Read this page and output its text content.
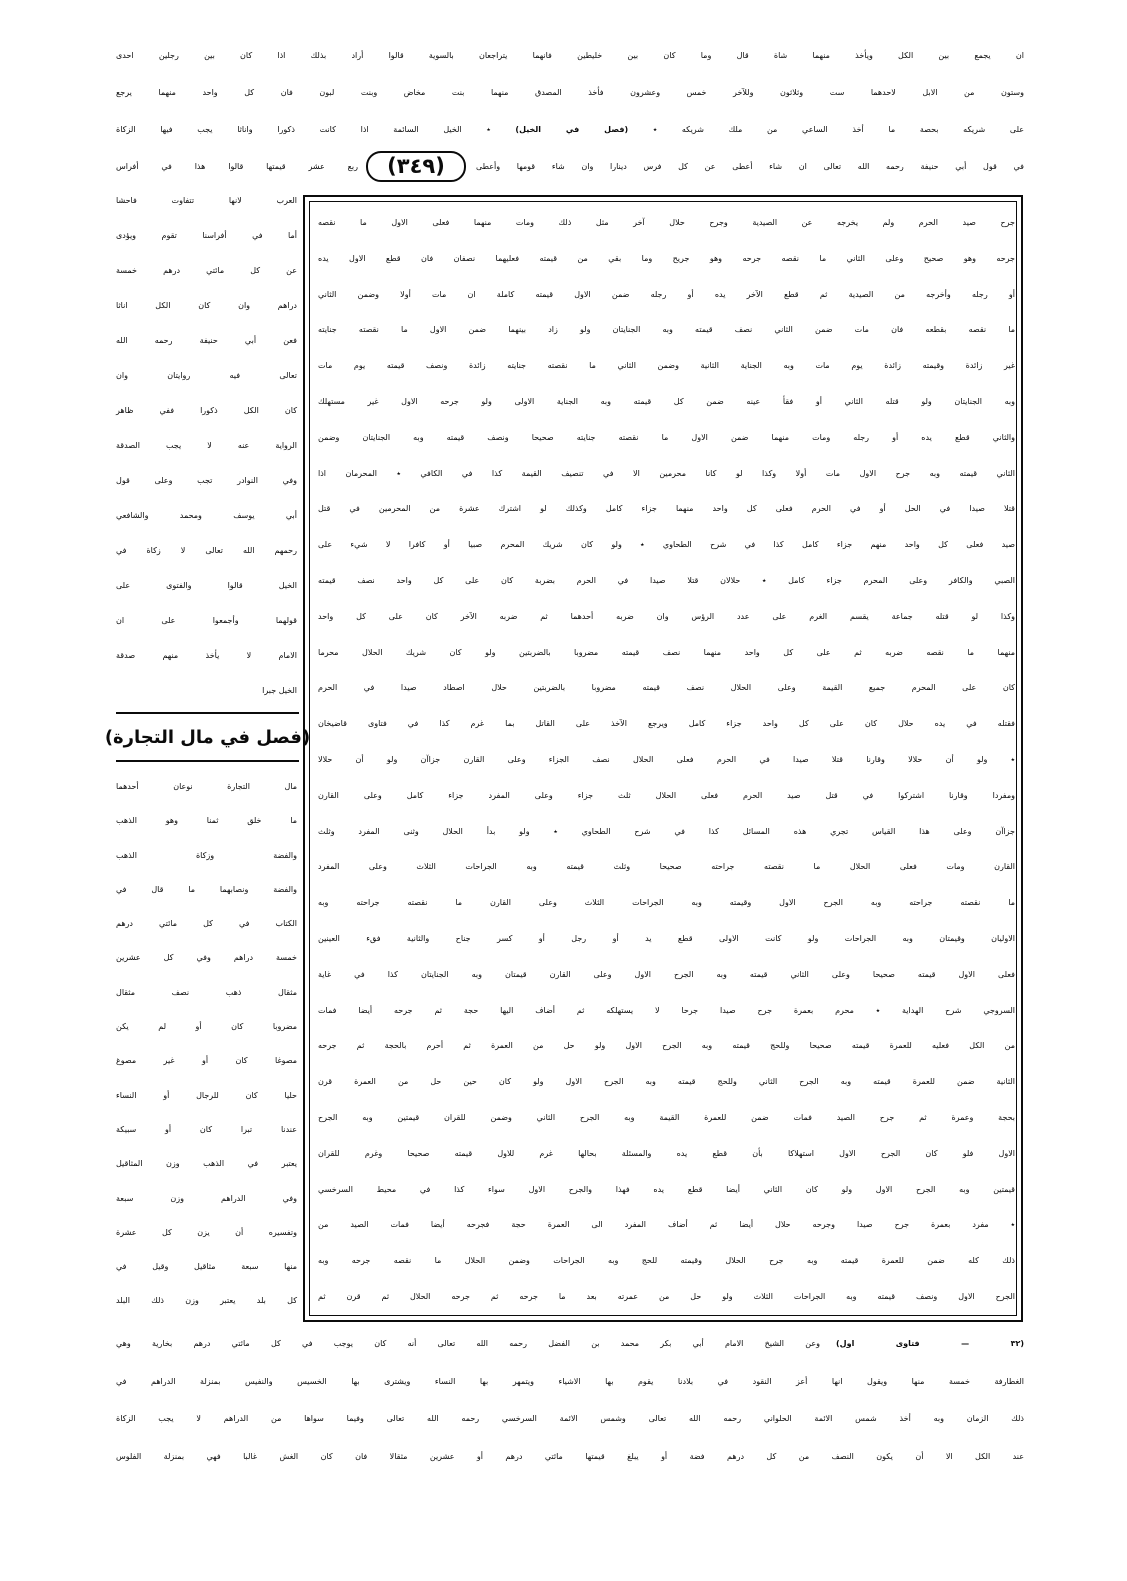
ان يجمع بين الكل ويأخذ منهما شاة قال وما كان بين خليطين فانهما يتراجعان بالسوية قالوا أراد بذلك اذا كان بين رجلين احدى
وستون من الابل لاحدهما ست وثلاثون وللآخر خمس وعشرون فأخذ المصدق منهما بنت مخاض وبنت لبون فان كل واحد منهما يرجع
على شريكه بحصة ما أخذ الساعي من ملك شريكه ٭ (فصل في الخيل) ٭ الخيل السائمة اذا كانت ذكورا واناثا يجب فيها الزكاة
في قول أبي حنيفة رحمه الله تعالى ان شاء أعطى عن كل فرس دينارا وان شاء قومها وأعطى
(٣٤٩)
ربع عشر قيمتها قالوا هذا في أفراس
العرب لانها تتفاوت فاحشا
أما في أفراسنا تقوم ويؤدى
عن كل مائتي درهم خمسة
دراهم وان كان الكل اناثا
فعن أبي حنيفة رحمه الله
تعالى فيه روايتان وان
كان الكل ذكورا ففي ظاهر
الرواية عنه لا يجب الصدقة
وفي النوادر تجب وعلى قول
أبي يوسف ومحمد والشافعي
رحمهم الله تعالى لا زكاة في
الخيل قالوا والفتوى على
قولهما وأجمعوا على ان
الامام لا يأخذ منهم صدقة
الخيل جبرا
(فصل في مال التجارة)
مال التجارة نوعان أحدهما
ما خلق ثمنا وهو الذهب
والفضة وزكاة الذهب
والفضة ونصابهما ما قال في
الكتاب في كل مائتي درهم
خمسة دراهم وفي كل عشرين
مثقال ذهب نصف مثقال
مضروبا كان أو لم يكن
مصوغا كان أو غير مصوغ
حليا كان للرجال أو النساء
عندنا تبرا كان أو سبيكة
يعتبر في الذهب وزن المثاقيل
وفي الدراهم وزن سبعة
وتفسيره أن يزن كل عشرة
منها سبعة مثاقيل وقيل في
كل بلد يعتبر وزن ذلك البلد
جرح صيد الحرم ولم يخرجه عن الصيدية وجرح حلال آخر مثل ذلك ومات منهما فعلى الاول ما نقصه
جرحه وهو صحيح وعلى الثاني ما نقصه جرحه وهو جريح وما بقي من قيمته فعليهما نصفان فان قطع الاول يده
أو رجله وأخرجه من الصيدية ثم قطع الآخر يده أو رجله ضمن الاول قيمته كاملة ان مات أولا وضمن الثاني
ما نقصه بقطعه فان مات ضمن الثاني نصف قيمته وبه الجنايتان ولو زاد بينهما ضمن الاول ما نقصته جنايته
غير زائدة وقيمته زائدة يوم مات وبه الجناية الثانية وضمن الثاني ما نقصته جنايته زائدة ونصف قيمته يوم مات
وبه الجنايتان ولو قتله الثاني أو فقأ عينه ضمن كل قيمته وبه الجناية الاولى ولو جرحه الاول غير مستهلك
والثاني قطع يده أو رجله ومات منهما ضمن الاول ما نقصته جنايته صحيحا ونصف قيمته وبه الجنايتان وضمن
الثاني قيمته وبه جرح الاول مات أولا وكذا لو كانا محرمين الا في تنصيف القيمة كذا في الكافي ٭ المحرمان اذا
قتلا صيدا في الحل أو في الحرم فعلى كل واحد منهما جزاء كامل وكذلك لو اشترك عشرة من المحرمين في قتل
صيد فعلى كل واحد منهم جزاء كامل كذا في شرح الطحاوي ٭ ولو كان شريك المحرم صبيا أو كافرا لا شيء على
الصبي والكافر وعلى المحرم جزاء كامل ٭ حلالان قتلا صيدا في الحرم بضربة كان على كل واحد نصف قيمته
وكذا لو قتله جماعة يقسم الغرم على عدد الرؤس وان ضربه أحدهما ثم ضربه الآخر كان على كل واحد
منهما ما نقصه ضربه ثم على كل واحد منهما نصف قيمته مضروبا بالضربتين ولو كان شريك الحلال محرما
كان على المحرم جميع القيمة وعلى الحلال نصف قيمته مضروبا بالضربتين حلال اصطاد صيدا في الحرم
فقتله في يده حلال كان على كل واحد جزاء كامل ويرجع الآخذ على القاتل بما غرم كذا في فتاوى قاضيخان
٭ ولو أن حلالا وقارنا قتلا صيدا في الحرم فعلى الحلال نصف الجزاء وعلى القارن جزاآن ولو أن حلالا
ومفردا وقارنا اشتركوا في قتل صيد الحرم فعلى الحلال ثلث جزاء وعلى المفرد جزاء كامل وعلى القارن
جزاآن وعلى هذا القياس تجري هذه المسائل كذا في شرح الطحاوي ٭ ولو بدأ الحلال وثنى المفرد وثلث
القارن ومات فعلى الحلال ما نقصته جراحته صحيحا وثلث قيمته وبه الجراحات الثلاث وعلى المفرد
ما نقصته جراحته وبه الجرح الاول وقيمته وبه الجراحات الثلاث وعلى القارن ما نقصته جراحته وبه
الاوليان وقيمتان وبه الجراحات ولو كانت الاولى قطع يد أو رجل أو كسر جناح والثانية فقء العينين
فعلى الاول قيمته صحيحا وعلى الثاني قيمته وبه الجرح الاول وعلى القارن قيمتان وبه الجنايتان كذا في غاية
السروجي شرح الهداية ٭ محرم بعمرة جرح صيدا جرحا لا يستهلكه ثم أضاف اليها حجة ثم جرحه أيضا فمات
من الكل فعليه للعمرة قيمته صحيحا وللحج قيمته وبه الجرح الاول ولو حل من العمرة ثم أحرم بالحجة ثم جرحه
الثانية ضمن للعمرة قيمته وبه الجرح الثاني وللحج قيمته وبه الجرح الاول ولو كان حين حل من العمرة قرن
بحجة وعمرة ثم جرح الصيد فمات ضمن للعمرة القيمة وبه الجرح الثاني وضمن للقران قيمتين وبه الجرح
الاول فلو كان الجرح الاول استهلاكا بأن قطع يده والمسئلة بحالها غرم للاول قيمته صحيحا وغرم للقران
قيمتين وبه الجرح الاول ولو كان الثاني أيضا قطع يده فهذا والجرح الاول سواء كذا في محيط السرخسي
٭ مفرد بعمرة جرح صيدا وجرحه حلال أيضا ثم أضاف المفرد الى العمرة حجة فجرحه أيضا فمات الصيد من
ذلك كله ضمن للعمرة قيمته وبه جرح الحلال وقيمته للحج وبه الجراحات وضمن الحلال ما نقصه جرحه وبه
الجرح الاول ونصف قيمته وبه الجراحات الثلاث ولو حل من عمرته بعد ما جرحه ثم جرحه الحلال ثم قرن ثم
(٣٢ — فتاوى اول)
وعن الشيخ الامام أبي بكر محمد بن الفضل رحمه الله تعالى أنه كان يوجب في كل مائتي درهم بخارية وهي
الغطارفة خمسة منها ويقول انها أعز النقود في بلادنا يقوم بها الاشياء ويتمهر بها النساء ويشترى بها الخسيس والنفيس بمنزلة الدراهم في
ذلك الزمان وبه أخذ شمس الائمة الحلواني رحمه الله تعالى وشمس الائمة السرخسي رحمه الله تعالى وفيما سواها من الدراهم لا يجب الزكاة
عند الكل الا أن يكون النصف من كل درهم فضة أو يبلغ قيمتها مائتي درهم أو عشرين مثقالا فان كان الغش غالبا فهي بمنزلة الفلوس
